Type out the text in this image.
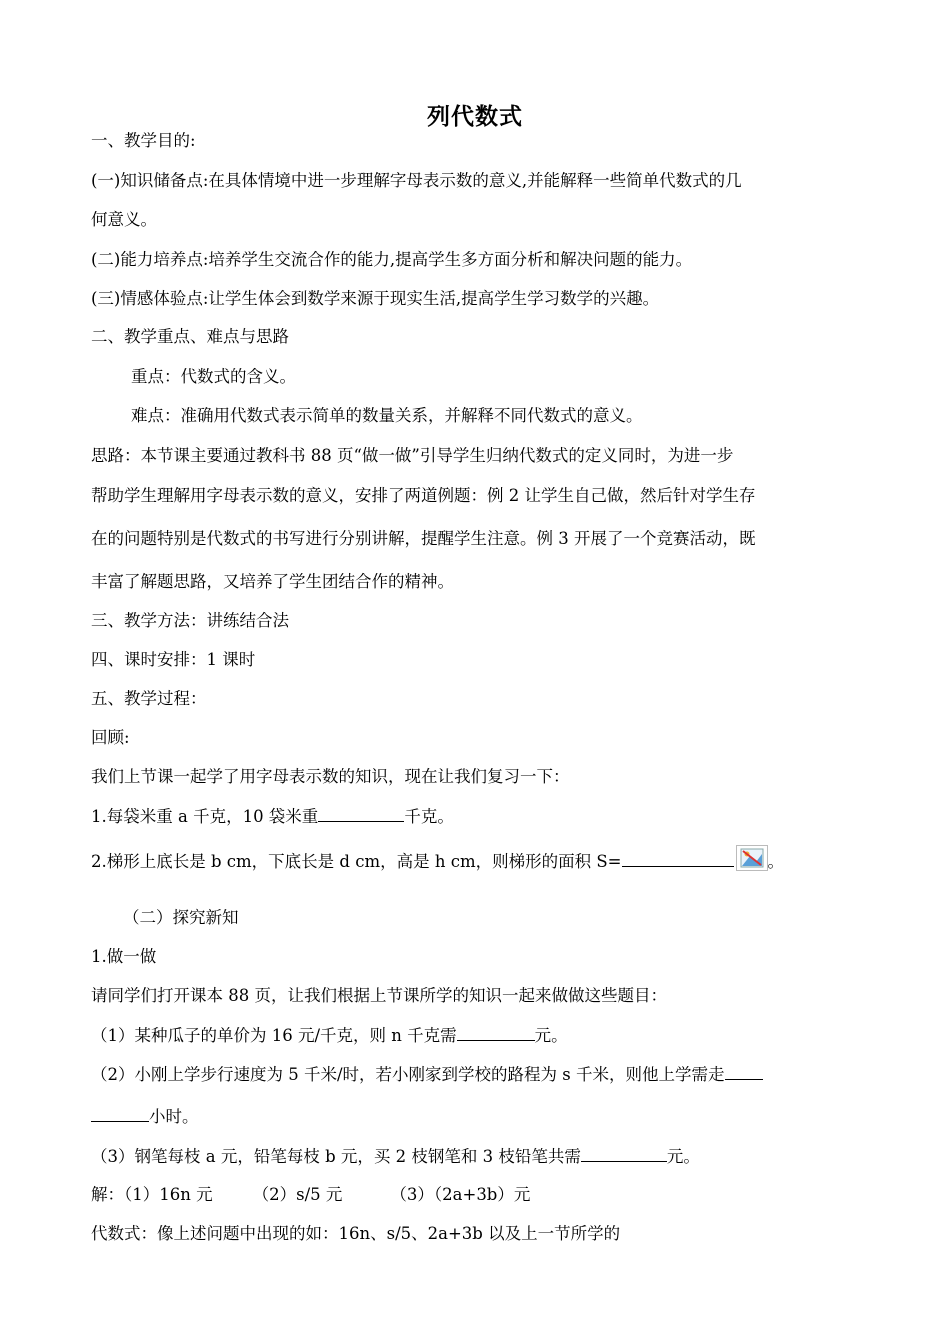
列代数式
一、教学目的:
(一)知识储备点:在具体情境中进一步理解字母表示数的意义,并能解释一些简单代数式的几
何意义。
(二)能力培养点:培养学生交流合作的能力,提高学生多方面分析和解决问题的能力。
(三)情感体验点:让学生体会到数学来源于现实生活,提高学生学习数学的兴趣。
二、教学重点、难点与思路
重点：代数式的含义。
难点：准确用代数式表示简单的数量关系，并解释不同代数式的意义。
思路：本节课主要通过教科书 88 页“做一做”引导学生归纳代数式的定义同时，为进一步
帮助学生理解用字母表示数的意义，安排了两道例题：例 2 让学生自己做，然后针对学生存
在的问题特别是代数式的书写进行分别讲解，提醒学生注意。例 3 开展了一个竞赛活动，既
丰富了解题思路，又培养了学生团结合作的精神。
三、教学方法：讲练结合法
四、课时安排：1 课时
五、教学过程：
回顾:
我们上节课一起学了用字母表示数的知识，现在让我们复习一下：
1.每袋米重 a 千克，10 袋米重	千克。
2.梯形上底长是 b cm，下底长是 d cm，高是 h cm，则梯形的面积 S=	。
（二）探究新知
1.做一做
请同学们打开课本 88 页，让我们根据上节课所学的知识一起来做做这些题目：
（1）某种瓜子的单价为 16 元/千克，则 n 千克需	元。
（2）小刚上学步行速度为 5 千米/时，若小刚家到学校的路程为 s 千米，则他上学需走
小时。
（3）钢笔每枝 a 元，铅笔每枝 b 元，买 2 枝钢笔和 3 枝铅笔共需	元。
解：（1）16n 元 （2）s/5 元	（3）（2a+3b）元
代数式：像上述问题中出现的如：16n、s/5、2a+3b 以及上一节所学的
